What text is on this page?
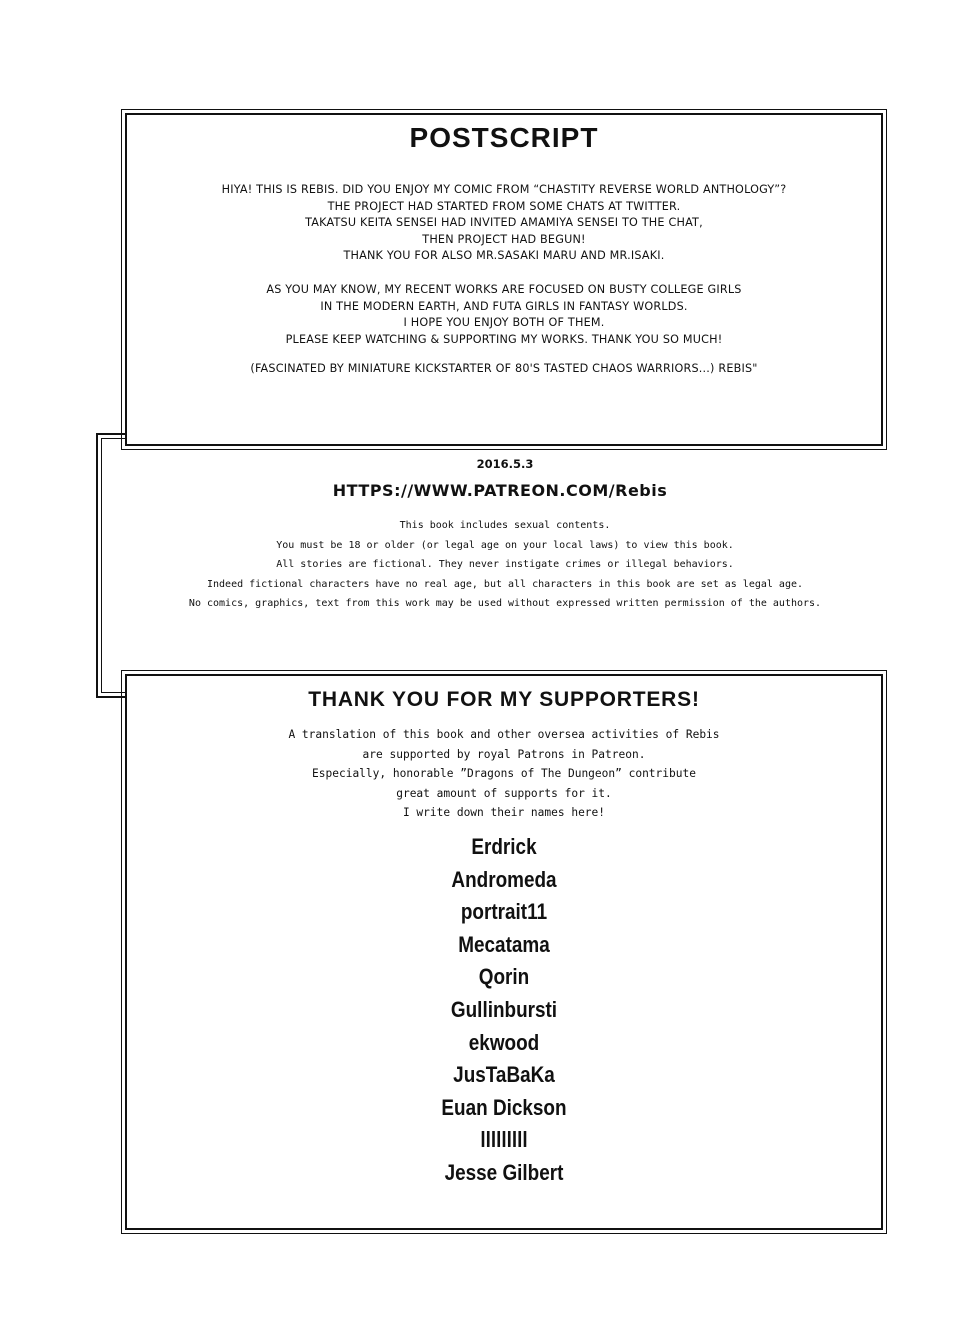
POSTSCRIPT
HIYA! THIS IS REBIS. DID YOU ENJOY MY COMIC FROM “CHASTITY REVERSE WORLD ANTHOLOGY”?
THE PROJECT HAD STARTED FROM SOME CHATS AT TWITTER.
TAKATSU KEITA SENSEI HAD INVITED AMAMIYA SENSEI TO THE CHAT,
THEN PROJECT HAD BEGUN!
THANK YOU FOR ALSO MR.SASAKI MARU AND MR.ISAKI.
AS YOU MAY KNOW, MY RECENT WORKS ARE FOCUSED ON BUSTY COLLEGE GIRLS
IN THE MODERN EARTH, AND FUTA GIRLS IN FANTASY WORLDS.
I HOPE YOU ENJOY BOTH OF THEM.
PLEASE KEEP WATCHING & SUPPORTING MY WORKS. THANK YOU SO MUCH!
(FASCINATED BY MINIATURE KICKSTARTER OF 80'S TASTED CHAOS WARRIORS...) REBIS"
2016.5.3
HTTPS://WWW.PATREON.COM/Rebis
This book includes sexual contents.
You must be 18 or older (or legal age on your local laws) to view this book.
All stories are fictional. They never instigate crimes or illegal behaviors.
Indeed fictional characters have no real age, but all characters in this book are set as legal age.
No comics, graphics, text from this work may be used without expressed written permission of the authors.
THANK YOU FOR MY SUPPORTERS!
A translation of this book and other oversea activities of Rebis
are supported by royal Patrons in Patreon.
Especially, honorable ”Dragons of The Dungeon” contribute
great amount of supports for it.
I write down their names here!
Erdrick
Andromeda
portrait11
Mecatama
Qorin
Gullinbursti
ekwood
JusTaBaKa
Euan Dickson
lllllllll
Jesse Gilbert
